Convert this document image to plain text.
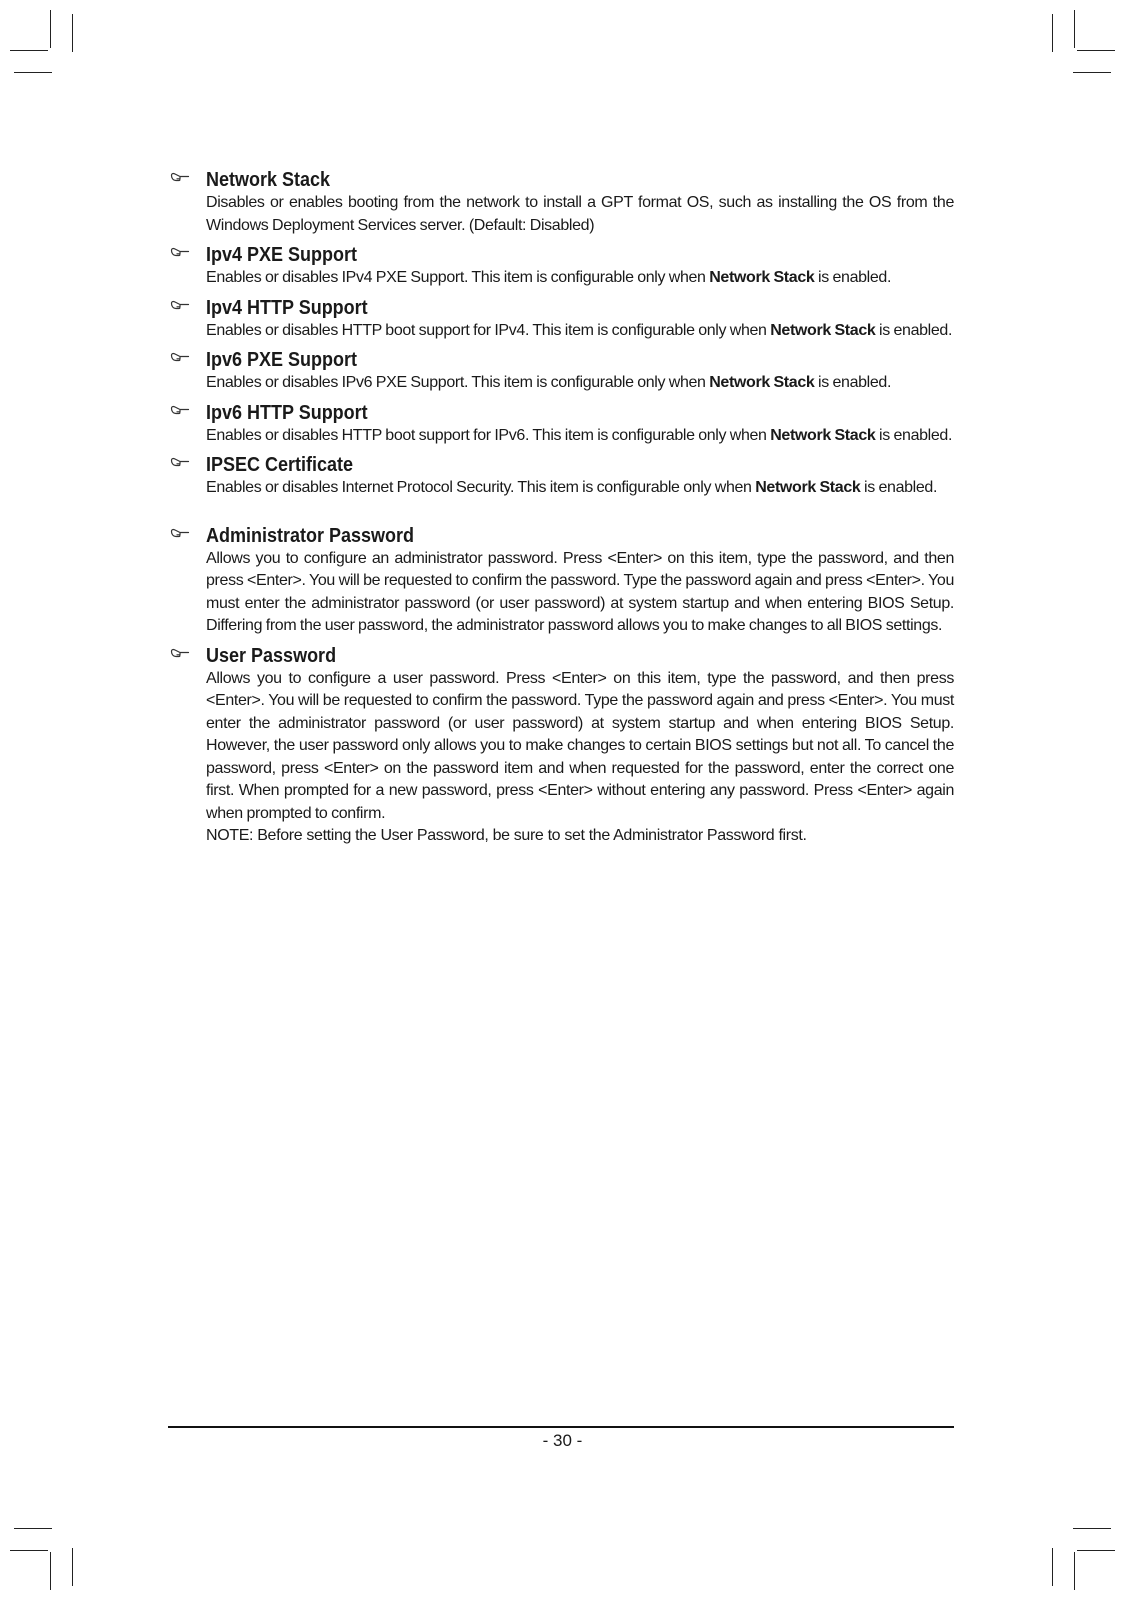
Network Stack
Disables or enables booting from the network to install a GPT format OS, such as installing the OS from the Windows Deployment Services server. (Default: Disabled)
Ipv4 PXE Support
Enables or disables IPv4 PXE Support. This item is configurable only when Network Stack is enabled.
Ipv4 HTTP Support
Enables or disables HTTP boot support for IPv4. This item is configurable only when Network Stack is enabled.
Ipv6 PXE Support
Enables or disables IPv6 PXE Support. This item is configurable only when Network Stack is enabled.
Ipv6 HTTP Support
Enables or disables HTTP boot support for IPv6. This item is configurable only when Network Stack is enabled.
IPSEC Certificate
Enables or disables Internet Protocol Security. This item is configurable only when Network Stack is enabled.
Administrator Password
Allows you to configure an administrator password. Press <Enter> on this item, type the password, and then press <Enter>. You will be requested to confirm the password. Type the password again and press <Enter>. You must enter the administrator password (or user password) at system startup and when entering BIOS Setup. Differing from the user password, the administrator password allows you to make changes to all BIOS settings.
User Password
Allows you to configure a user password. Press <Enter> on this item, type the password, and then press <Enter>. You will be requested to confirm the password. Type the password again and press <Enter>. You must enter the administrator password (or user password) at system startup and when entering BIOS Setup. However, the user password only allows you to make changes to certain BIOS settings but not all. To cancel the password, press <Enter> on the password item and when requested for the password, enter the correct one first. When prompted for a new password, press <Enter> without entering any password. Press <Enter> again when prompted to confirm.
NOTE: Before setting the User Password, be sure to set the Administrator Password first.
- 30 -
